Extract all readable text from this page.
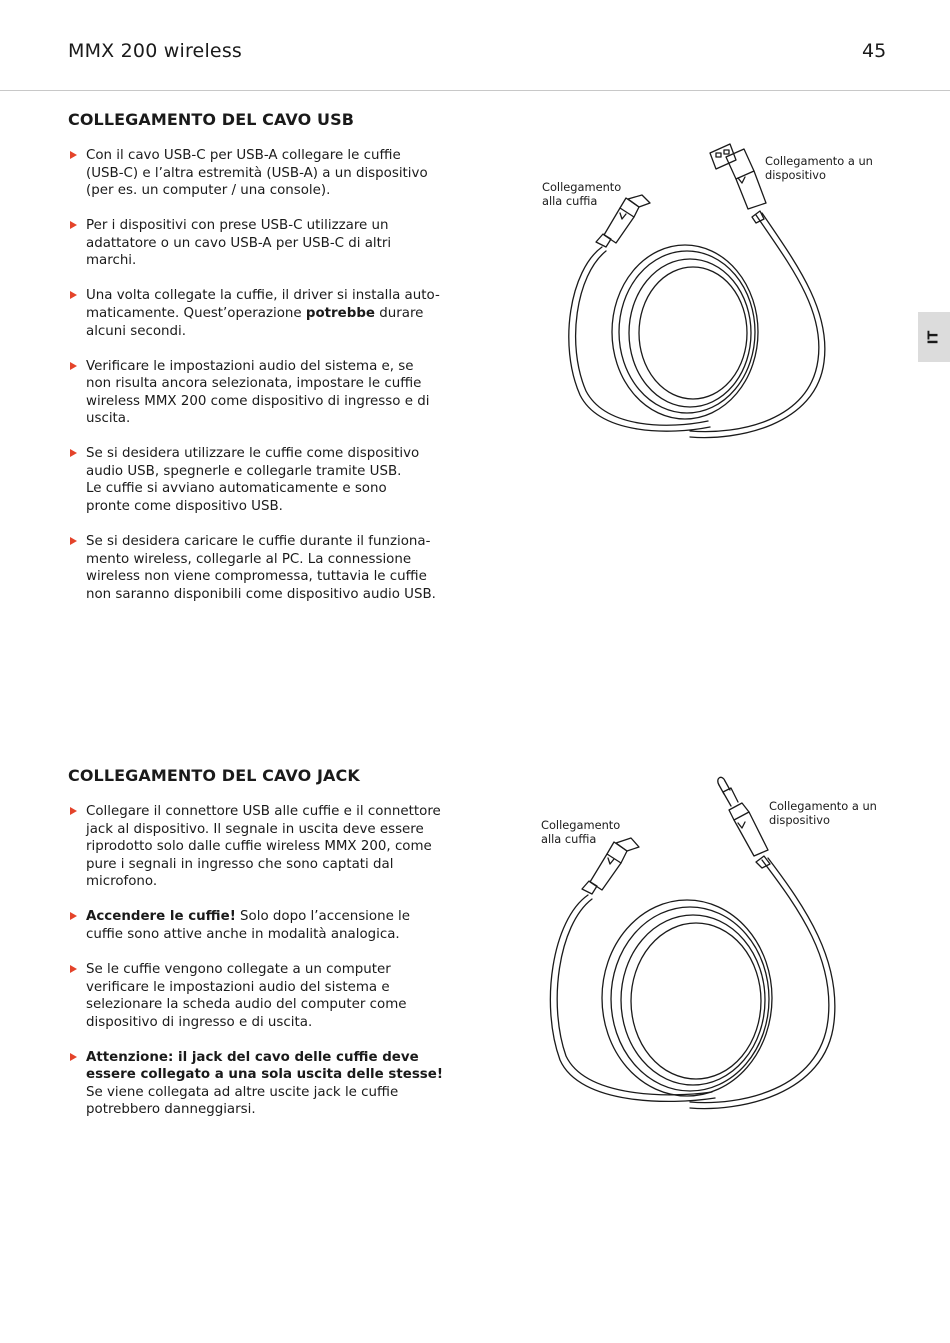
MMX 200 wireless	45
IT
COLLEGAMENTO DEL CAVO USB
Con il cavo USB-C per USB-A collegare le cuffie
(USB-C) e l’altra estremità (USB-A) a un dispositivo
(per es. un computer / una console).
Per i dispositivi con prese USB-C utilizzare un
adattatore o un cavo USB-A per USB-C di altri
marchi.
Una volta collegate la cuffie, il driver si installa auto-
maticamente. Quest’operazione potrebbe durare
alcuni secondi.
Verificare le impostazioni audio del sistema e, se
non risulta ancora selezionata, impostare le cuffie
wireless MMX 200 come dispositivo di ingresso e di
uscita.
Se si desidera utilizzare le cuffie come dispositivo
audio USB, spegnerle e collegarle tramite USB.
Le cuffie si avviano automaticamente e sono
pronte come dispositivo USB.
Se si desidera caricare le cuffie durante il funziona-
mento wireless, collegarle al PC. La connessione
wireless non viene compromessa, tuttavia le cuffie
non saranno disponibili come dispositivo audio USB.
Collegamento
alla cuffia
Collegamento a un
dispositivo
COLLEGAMENTO DEL CAVO JACK
Collegare il connettore USB alle cuffie e il connettore
jack al dispositivo. Il segnale in uscita deve essere
riprodotto solo dalle cuffie wireless MMX 200, come
pure i segnali in ingresso che sono captati dal
microfono.
Accendere le cuffie! Solo dopo l’accensione le
cuffie sono attive anche in modalità analogica.
Se le cuffie vengono collegate a un computer
verificare le impostazioni audio del sistema e
selezionare la scheda audio del computer come
dispositivo di ingresso e di uscita.
Attenzione: il jack del cavo delle cuffie deve
essere collegato a una sola uscita delle stesse!
Se viene collegata ad altre uscite jack le cuffie
potrebbero danneggiarsi.
Collegamento
alla cuffia
Collegamento a un
dispositivo
